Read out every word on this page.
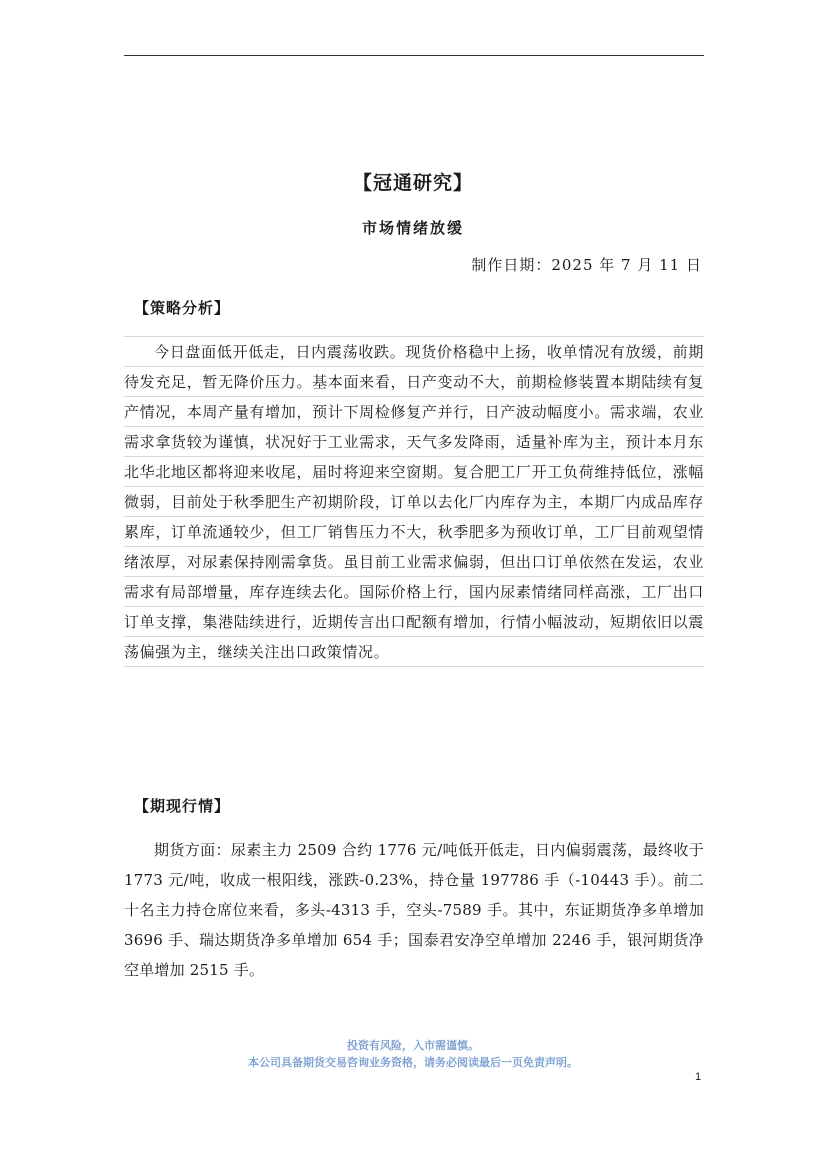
【冠通研究】
市场情绪放缓
制作日期：2025 年 7 月 11 日
【策略分析】
今日盘面低开低走，日内震荡收跌。现货价格稳中上扬，收单情况有放缓，前期待发充足，暂无降价压力。基本面来看，日产变动不大，前期检修装置本期陆续有复产情况，本周产量有增加，预计下周检修复产并行，日产波动幅度小。需求端，农业需求拿货较为谨慎，状况好于工业需求，天气多发降雨，适量补库为主，预计本月东北华北地区都将迎来收尾，届时将迎来空窗期。复合肥工厂开工负荷维持低位，涨幅微弱，目前处于秋季肥生产初期阶段，订单以去化厂内库存为主，本期厂内成品库存累库，订单流通较少，但工厂销售压力不大，秋季肥多为预收订单，工厂目前观望情绪浓厚，对尿素保持刚需拿货。虽目前工业需求偏弱，但出口订单依然在发运，农业需求有局部增量，库存连续去化。国际价格上行，国内尿素情绪同样高涨，工厂出口订单支撑，集港陆续进行，近期传言出口配额有增加，行情小幅波动，短期依旧以震荡偏强为主，继续关注出口政策情况。
【期现行情】
期货方面：尿素主力 2509 合约 1776 元/吨低开低走，日内偏弱震荡，最终收于 1773 元/吨，收成一根阳线，涨跌-0.23%，持仓量 197786 手（-10443 手）。前二十名主力持仓席位来看，多头-4313 手，空头-7589 手。其中，东证期货净多单增加 3696 手、瑞达期货净多单增加 654 手；国泰君安净空单增加 2246 手，银河期货净空单增加 2515 手。
投资有风险，入市需谨慎。
本公司具备期货交易咨询业务资格，请务必阅读最后一页免责声明。
1
